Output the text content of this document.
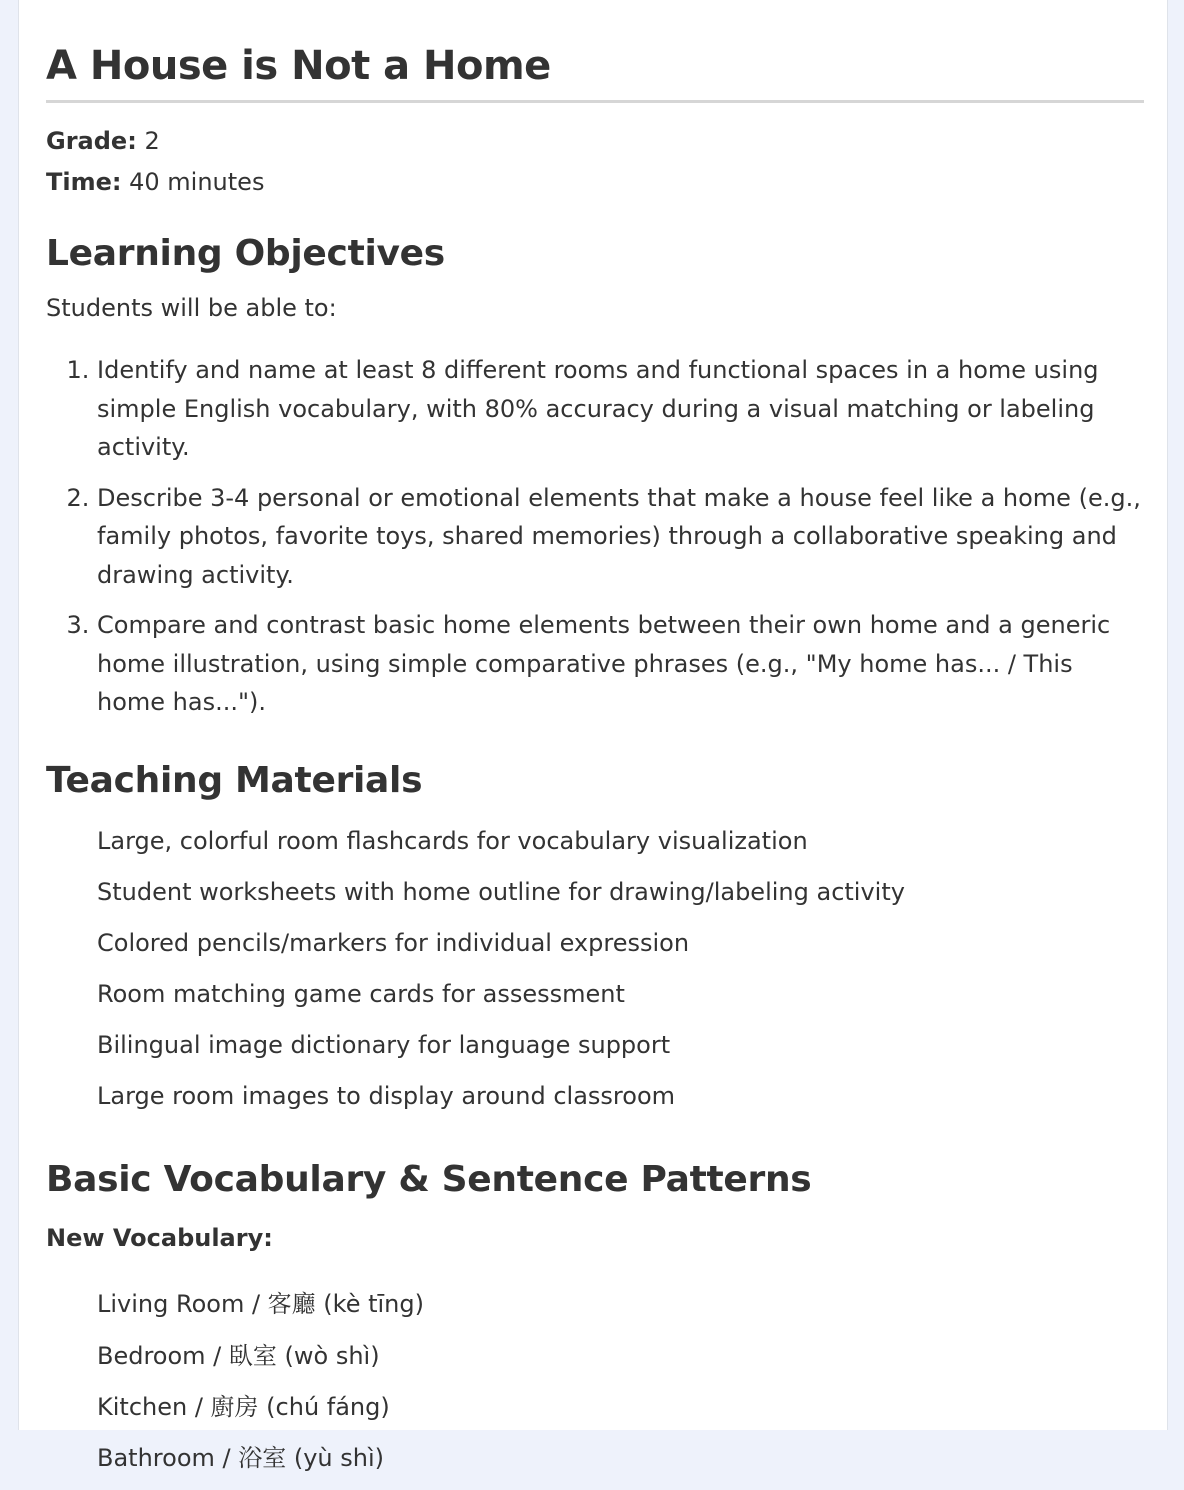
A House is Not a Home
Grade: 2
Time: 40 minutes
Learning Objectives

Students will be able to:

1. Identify and name at least 8 different rooms and functional spaces in a home using simple English vocabulary, with 80% accuracy during a visual matching or labeling activity.
2. Describe 3-4 personal or emotional elements that make a house feel like a home (e.g., family photos, favorite toys, shared memories) through a collaborative speaking and drawing activity.
3. Compare and contrast basic home elements between their own home and a generic home illustration, using simple comparative phrases (e.g., "My home has... / This home has...").
Teaching Materials
Large, colorful room flashcards for vocabulary visualization
Student worksheets with home outline for drawing/labeling activity
Colored pencils/markers for individual expression
Room matching game cards for assessment
Bilingual image dictionary for language support
Large room images to display around classroom
Basic Vocabulary & Sentence Patterns
New Vocabulary:
Living Room / 客廳 (kè tīng)
Bedroom / 臥室 (wò shì)
Kitchen / 廚房 (chú fáng)
Bathroom / 浴室 (yù shì)
